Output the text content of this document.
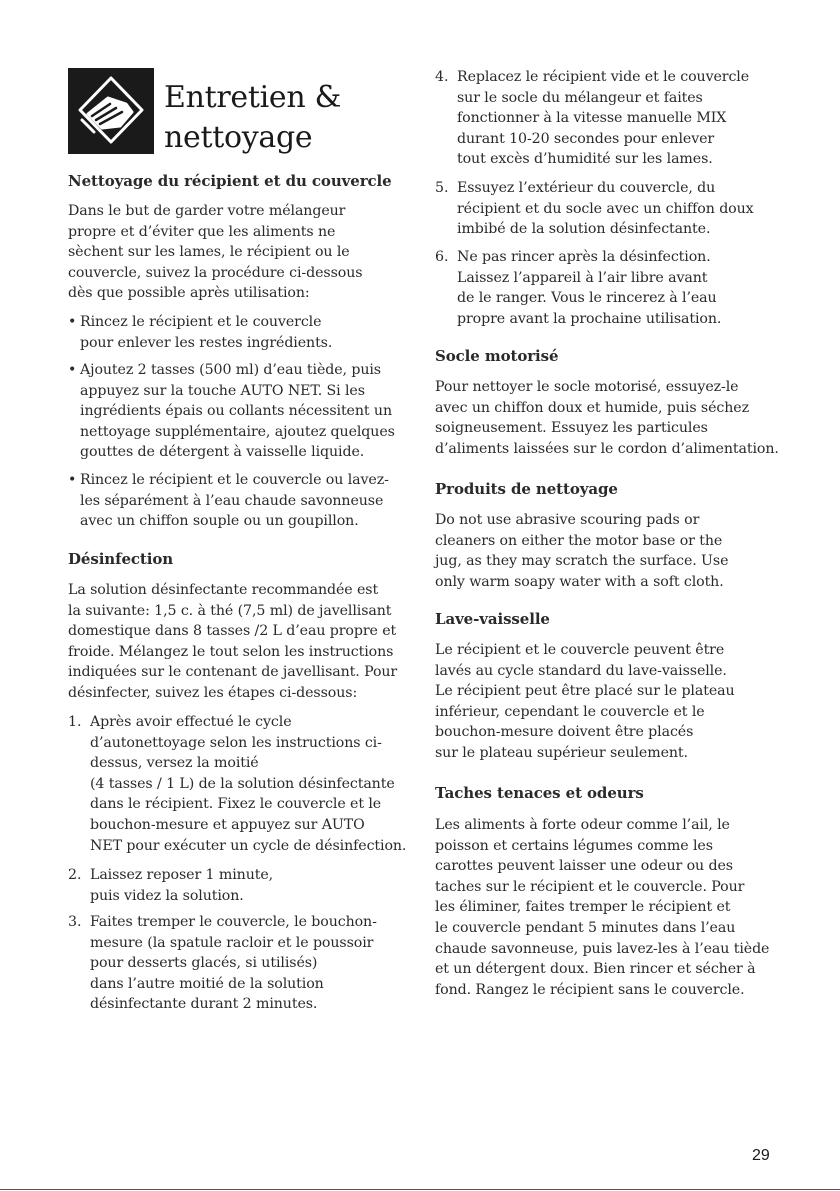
Entretien &
nettoyage
Nettoyage du récipient et du couvercle

Dans le but de garder votre mélangeur
propre et d’éviter que les aliments ne
sèchent sur les lames, le récipient ou le
couvercle, suivez la procédure ci-dessous
dès que possible après utilisation:

• Rincez le récipient et le couvercle
pour enlever les restes ingrédients.

• Ajoutez 2 tasses (500 ml) d’eau tiède, puis
appuyez sur la touche AUTO NET. Si les
ingrédients épais ou collants nécessitent un
nettoyage supplémentaire, ajoutez quelques
gouttes de détergent à vaisselle liquide.

• Rincez le récipient et le couvercle ou lavez-
les séparément à l’eau chaude savonneuse
avec un chiffon souple ou un goupillon.

Désinfection

La solution désinfectante recommandée est
la suivante: 1,5 c. à thé (7,5 ml) de javellisant
domestique dans 8 tasses /2 L d’eau propre et
froide. Mélangez le tout selon les instructions
indiquées sur le contenant de javellisant. Pour
désinfecter, suivez les étapes ci-dessous:

1. Après avoir effectué le cycle
d’autonettoyage selon les instructions ci-
dessus, versez la moitié
(4 tasses / 1 L) de la solution désinfectante
dans le récipient. Fixez le couvercle et le
bouchon-mesure et appuyez sur AUTO
NET pour exécuter un cycle de désinfection.

2. Laissez reposer 1 minute,
puis videz la solution.

3. Faites tremper le couvercle, le bouchon-
mesure (la spatule racloir et le poussoir
pour desserts glacés, si utilisés)
dans l’autre moitié de la solution
désinfectante durant 2 minutes.

4. Replacez le récipient vide et le couvercle
sur le socle du mélangeur et faites
fonctionner à la vitesse manuelle MIX
durant 10-20 secondes pour enlever
tout excès d’humidité sur les lames.

5. Essuyez l’extérieur du couvercle, du
récipient et du socle avec un chiffon doux
imbibé de la solution désinfectante.

6. Ne pas rincer après la désinfection.
Laissez l’appareil à l’air libre avant
de le ranger. Vous le rincerez à l’eau
propre avant la prochaine utilisation.

Socle motorisé

Pour nettoyer le socle motorisé, essuyez-le
avec un chiffon doux et humide, puis séchez
soigneusement. Essuyez les particules
d’aliments laissées sur le cordon d’alimentation.

Produits de nettoyage

Do not use abrasive scouring pads or
cleaners on either the motor base or the
jug, as they may scratch the surface. Use
only warm soapy water with a soft cloth.

Lave-vaisselle

Le récipient et le couvercle peuvent être
lavés au cycle standard du lave-vaisselle.
Le récipient peut être placé sur le plateau
inférieur, cependant le couvercle et le
bouchon-mesure doivent être placés
sur le plateau supérieur seulement.

Taches tenaces et odeurs

Les aliments à forte odeur comme l’ail, le
poisson et certains légumes comme les
carottes peuvent laisser une odeur ou des
taches sur le récipient et le couvercle. Pour
les éliminer, faites tremper le récipient et
le couvercle pendant 5 minutes dans l’eau
chaude savonneuse, puis lavez-les à l’eau tiède
et un détergent doux. Bien rincer et sécher à
fond. Rangez le récipient sans le couvercle.

29
